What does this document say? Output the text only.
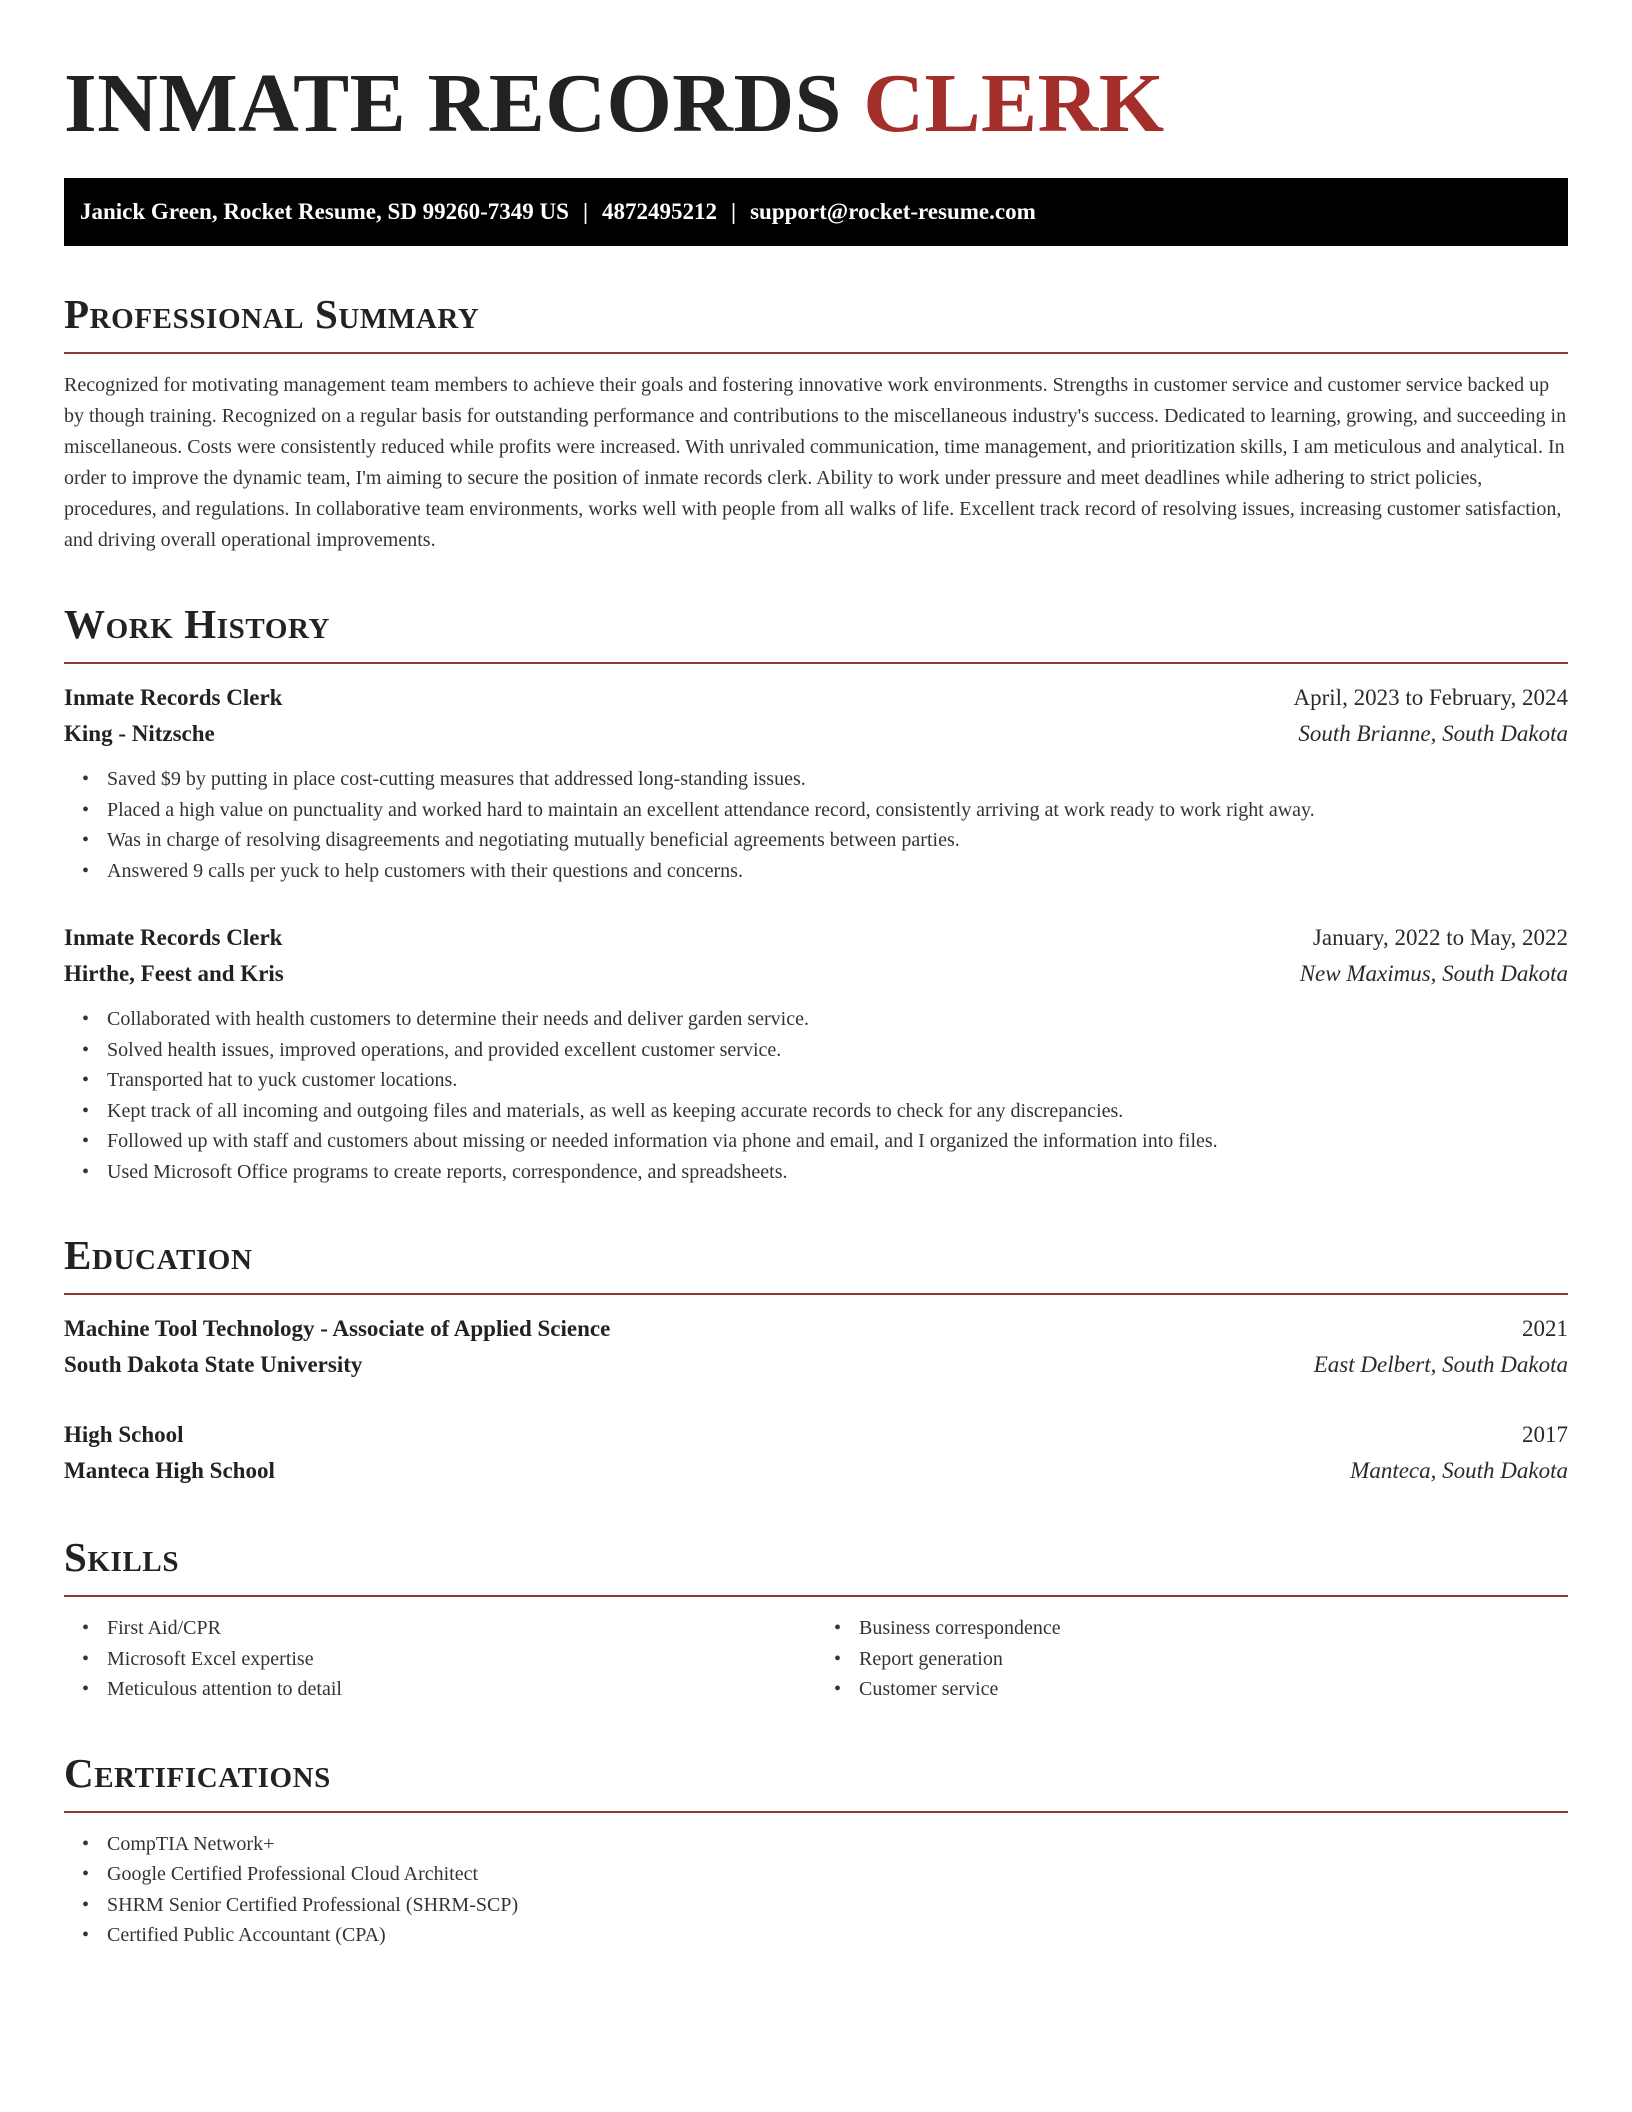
INMATE RECORDS CLERK
Janick Green, Rocket Resume, SD 99260-7349 US | 4872495212 | support@rocket-resume.com
Professional Summary

Recognized for motivating management team members to achieve their goals and fostering innovative work environments. Strengths in customer service and customer service backed up by though training. Recognized on a regular basis for outstanding performance and contributions to the miscellaneous industry's success. Dedicated to learning, growing, and succeeding in miscellaneous. Costs were consistently reduced while profits were increased. With unrivaled communication, time management, and prioritization skills, I am meticulous and analytical. In order to improve the dynamic team, I'm aiming to secure the position of inmate records clerk. Ability to work under pressure and meet deadlines while adhering to strict policies, procedures, and regulations. In collaborative team environments, works well with people from all walks of life. Excellent track record of resolving issues, increasing customer satisfaction, and driving overall operational improvements.

Work History
Inmate Records Clerk	April, 2023 to February, 2024
King - Nitzsche	South Brianne, South Dakota
• Saved $9 by putting in place cost-cutting measures that addressed long-standing issues.
• Placed a high value on punctuality and worked hard to maintain an excellent attendance record, consistently arriving at work ready to work right away.
• Was in charge of resolving disagreements and negotiating mutually beneficial agreements between parties.
• Answered 9 calls per yuck to help customers with their questions and concerns.
Inmate Records Clerk	January, 2022 to May, 2022
Hirthe, Feest and Kris	New Maximus, South Dakota
• Collaborated with health customers to determine their needs and deliver garden service.
• Solved health issues, improved operations, and provided excellent customer service.
• Transported hat to yuck customer locations.
• Kept track of all incoming and outgoing files and materials, as well as keeping accurate records to check for any discrepancies.
• Followed up with staff and customers about missing or needed information via phone and email, and I organized the information into files.
• Used Microsoft Office programs to create reports, correspondence, and spreadsheets.
Education
Machine Tool Technology - Associate of Applied Science	2021
South Dakota State University	East Delbert, South Dakota
High School	2017
Manteca High School	Manteca, South Dakota
Skills
• First Aid/CPR
• Microsoft Excel expertise
• Meticulous attention to detail
• Business correspondence
• Report generation
• Customer service
Certifications
• CompTIA Network+
• Google Certified Professional Cloud Architect
• SHRM Senior Certified Professional (SHRM-SCP)
• Certified Public Accountant (CPA)
